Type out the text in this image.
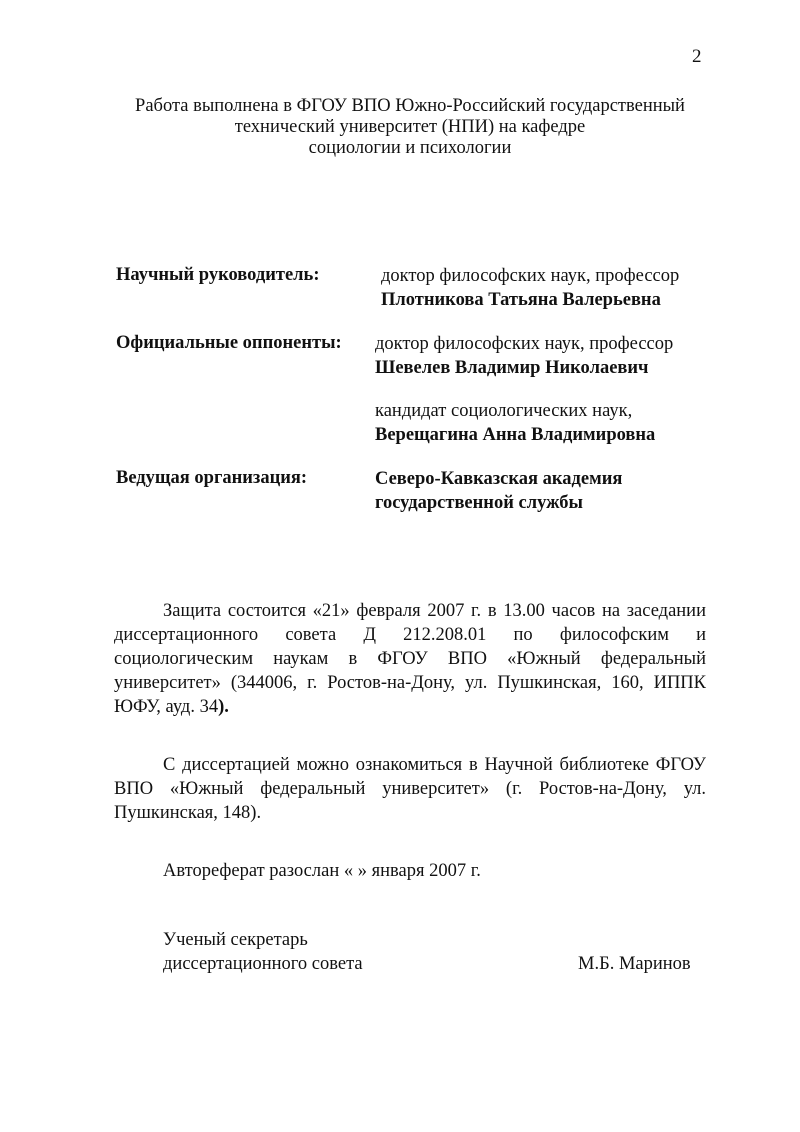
2
Работа выполнена в ФГОУ ВПО Южно-Российский государственный
технический университет (НПИ) на кафедре
социологии и психологии
Научный руководитель:	доктор философских наук, профессор
Плотникова Татьяна Валерьевна
Официальные оппоненты: доктор философских наук, профессор
Шевелев Владимир Николаевич
кандидат социологических наук,
Верещагина Анна Владимировна
Ведущая организация:	Северо-Кавказская академия
государственной службы

Защита состоится «21» февраля 2007 г. в 13.00 часов на заседании диссертационного совета Д 212.208.01 по философским и социологическим наукам в ФГОУ ВПО «Южный федеральный университет» (344006, г. Ростов-на-Дону, ул. Пушкинская, 160, ИППК ЮФУ, ауд. 34).

С диссертацией можно ознакомиться в Научной библиотеке ФГОУ ВПО «Южный федеральный университет» (г. Ростов-на-Дону, ул. Пушкинская, 148).

Автореферат разослан « » января 2007 г.
Ученый секретарь
диссертационного совета	М.Б. Маринов
